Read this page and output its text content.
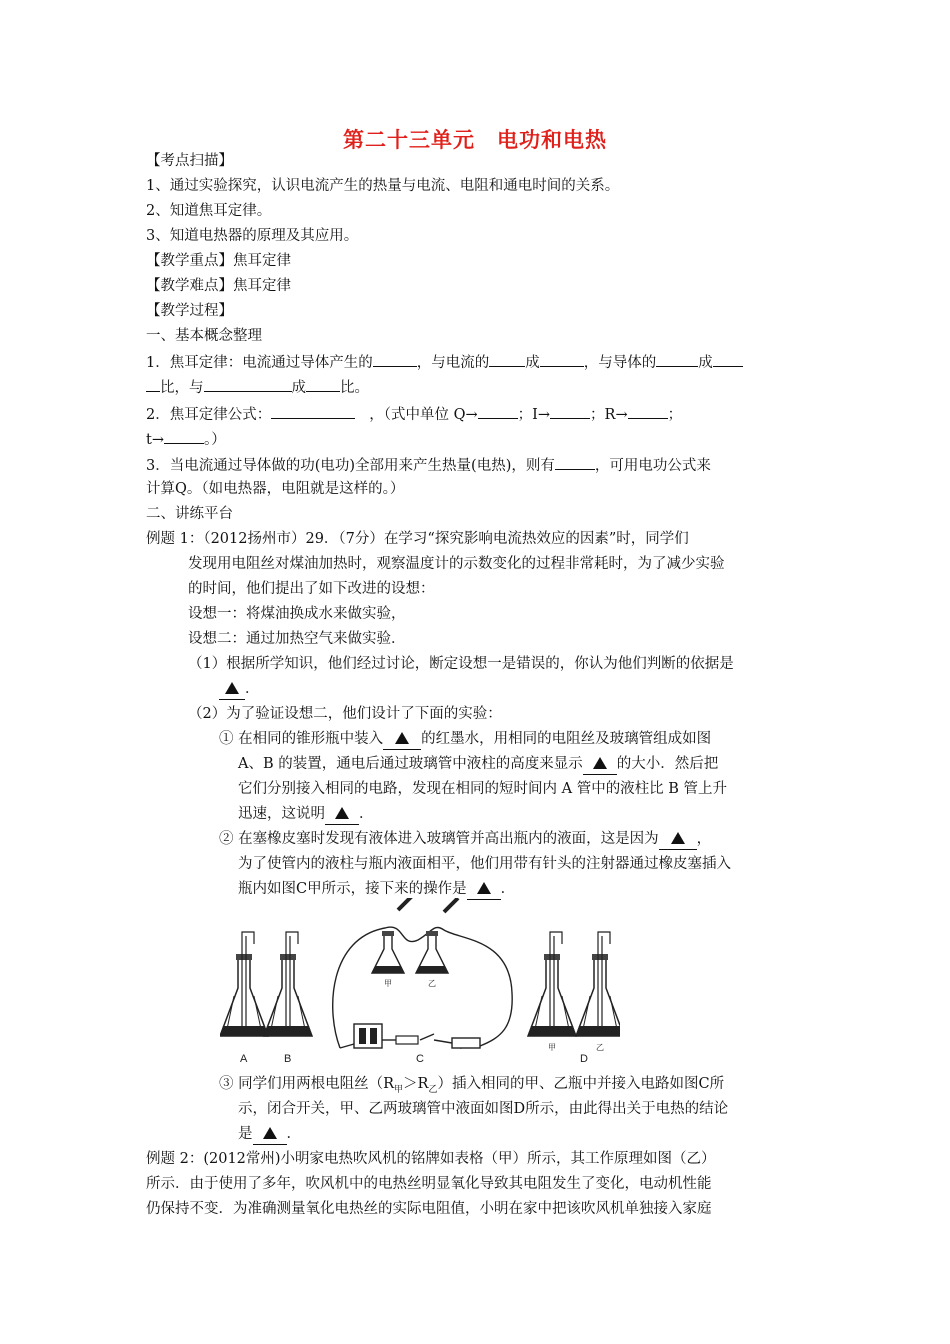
第二十三单元　电功和电热
【考点扫描】
1、通过实验探究，认识电流产生的热量与电流、电阻和通电时间的关系。
2、知道焦耳定律。
3、知道电热器的原理及其应用。
【教学重点】焦耳定律
【教学难点】焦耳定律
【教学过程】
一、基本概念整理
1．焦耳定律：电流通过导体产生的	，与电流的 成	，与导体的	成
比，与	成 比。
2．焦耳定律公式：	，（式中单位 Q→	；I→	；R→	；
t→	。）
3．当电流通过导体做的功(电功)全部用来产生热量(电热)，则有	，可用电功公式来
计算Q。（如电热器，电阻就是这样的。）
二、讲练平台
例题 1：（2012扬州市）29．（7分）在学习“探究影响电流热效应的因素”时，同学们
发现用电阻丝对煤油加热时，观察温度计的示数变化的过程非常耗时，为了减少实验
的时间，他们提出了如下改进的设想：
设想一：将煤油换成水来做实验，
设想二：通过加热空气来做实验．
（1）根据所学知识，他们经过讨论，断定设想一是错误的，你认为他们判断的依据是
．
（2）为了验证设想二，他们设计了下面的实验：
① 在相同的锥形瓶中装入	的红墨水，用相同的电阻丝及玻璃管组成如图
A、B 的装置，通电后通过玻璃管中液柱的高度来显示 的大小．然后把
它们分别接入相同的电路，发现在相同的短时间内 A 管中的液柱比 B 管上升
迅速，这说明 ．
② 在塞橡皮塞时发现有液体进入玻璃管并高出瓶内的液面，这是因为	，
为了使管内的液柱与瓶内液面相平，他们用带有针头的注射器通过橡皮塞插入
瓶内如图C甲所示，接下来的操作是 ．
A	B	C	D
甲	乙
甲	乙
③ 同学们用两根电阻丝$(R_甲>R_乙)$插入相同的甲、乙瓶中并接入电路如图C所
示，闭合开关，甲、乙两玻璃管中液面如图D所示，由此得出关于电热的结论
是 ．
例题 2：(2012常州)小明家电热吹风机的铭牌如表格（甲）所示，其工作原理如图（乙）
所示．由于使用了多年，吹风机中的电热丝明显氧化导致其电阻发生了变化，电动机性能
仍保持不变．为准确测量氧化电热丝的实际电阻值，小明在家中把该吹风机单独接入家庭
